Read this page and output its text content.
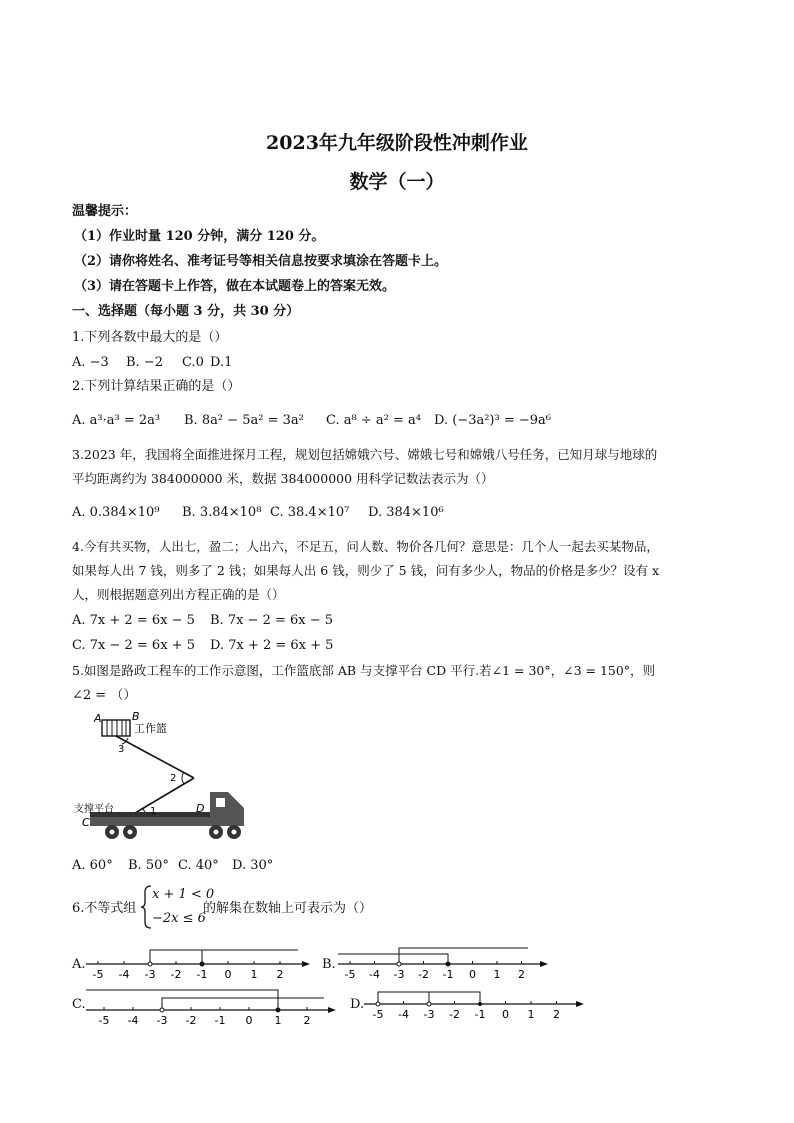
2023年九年级阶段性冲刺作业
数学（一）
温馨提示：
（1）作业时量 120 分钟，满分 120 分。
（2）请你将姓名、准考证号等相关信息按要求填涂在答题卡上。
（3）请在答题卡上作答，做在本试题卷上的答案无效。
一、选择题（每小题 3 分，共 30 分）
1.下列各数中最大的是（）
A. −3 B. −2 C.0 D.1
2.下列计算结果正确的是（）
A. a³·a³ = 2a³ B. 8a² − 5a² = 3a² C. a⁸ ÷ a² = a⁴ D. (−3a²)³ = −9a⁶
3.2023 年，我国将全面推进探月工程，规划包括嫦娥六号、嫦娥七号和嫦娥八号任务，已知月球与地球的
平均距离约为 384000000 米，数据 384000000 用科学记数法表示为（）
A. 0.384×10⁹ B. 3.84×10⁸ C. 38.4×10⁷ D. 384×10⁶
4.今有共买物，人出七，盈二；人出六，不足五，问人数、物价各几何？意思是：几个人一起去买某物品，
如果每人出 7 钱，则多了 2 钱；如果每人出 6 钱，则少了 5 钱，问有多少人，物品的价格是多少？设有 x
人，则根据题意列出方程正确的是（）
A. 7x + 2 = 6x − 5 B. 7x − 2 = 6x − 5
C. 7x − 2 = 6x + 5 D. 7x + 2 = 6x + 5
5.如图是路政工程车的工作示意图，工作篮底部 AB 与支撑平台 CD 平行.若∠1 = 30°，∠3 = 150°，则
∠2 = （）
A	B
工作篮
3
2
1
支撑平台
C
D
A. 60° B. 50° C. 40° D. 30°
6.不等式组
x + 1 < 0
−2x ≤ 6
的解集在数轴上可表示为（）
A.	B.
C.	D.
-5 -4 -3 -2 -1 0 1 2	-5 -4 -3 -2 -1 0 1 2
-5 -4 -3 -2 -1 0 1 2	-5 -4 -3 -2 -1 0 1 2
